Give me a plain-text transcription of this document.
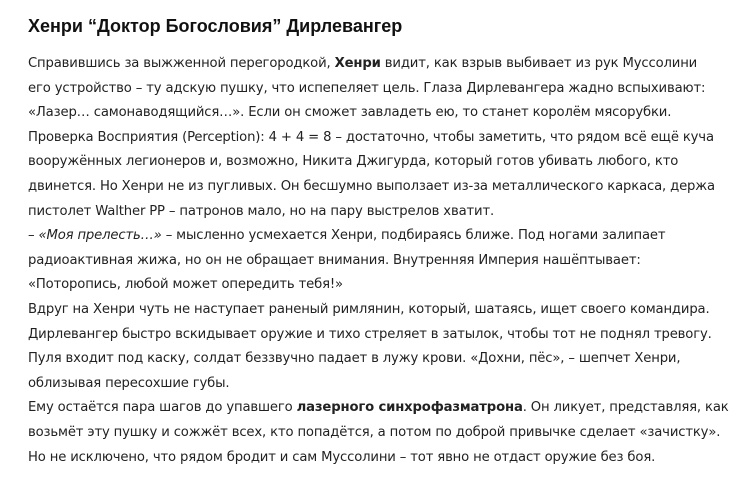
Хенри “Доктор Богословия” Дирлевангер
Справившись за выжженной перегородкой, Хенри видит, как взрыв выбивает из рук Муссолини
его устройство – ту адскую пушку, что испепеляет цель. Глаза Дирлевангера жадно вспыхивают:
«Лазер… самонаводящийся…». Если он сможет завладеть ею, то станет королём мясорубки.
Проверка Восприятия (Perception): 4 + 4 = 8 – достаточно, чтобы заметить, что рядом всё ещё куча
вооружённых легионеров и, возможно, Никита Джигурда, который готов убивать любого, кто
двинется. Но Хенри не из пугливых. Он бесшумно выползает из-за металлического каркаса, держа
пистолет Walther PP – патронов мало, но на пару выстрелов хватит.
– «Моя прелесть…» – мысленно усмехается Хенри, подбираясь ближе. Под ногами залипает
радиоактивная жижа, но он не обращает внимания. Внутренняя Империя нашёптывает:
«Поторопись, любой может опередить тебя!»
Вдруг на Хенри чуть не наступает раненый римлянин, который, шатаясь, ищет своего командира.
Дирлевангер быстро вскидывает оружие и тихо стреляет в затылок, чтобы тот не поднял тревогу.
Пуля входит под каску, солдат беззвучно падает в лужу крови. «Дохни, пёс», – шепчет Хенри,
облизывая пересохшие губы.
Ему остаётся пара шагов до упавшего лазерного синхрофазматрона. Он ликует, представляя, как
возьмёт эту пушку и сожжёт всех, кто попадётся, а потом по доброй привычке сделает «зачистку».
Но не исключено, что рядом бродит и сам Муссолини – тот явно не отдаст оружие без боя.
